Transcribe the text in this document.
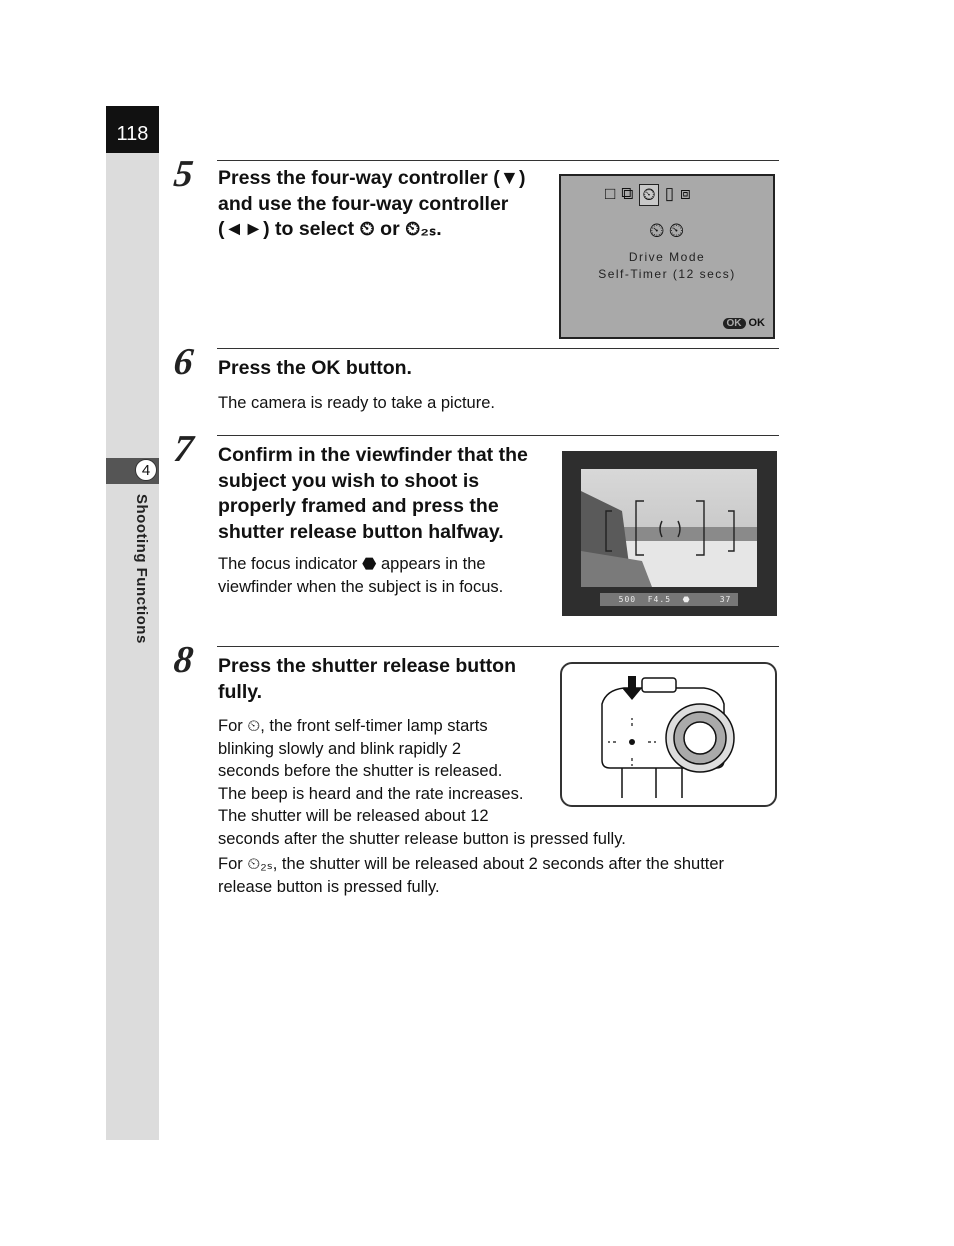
118
4
Shooting Functions
5 Press the four-way controller (▼)
and use the four-way controller
(◄►) to select ⏲ or ⏲₂ₛ.
□ ⧉ ⏲ ▯ ⧈
⏲ ⏲
Drive Mode
Self-Timer (12 secs)
OK OK
6 Press the OK button.
The camera is ready to take a picture.
7 Confirm in the viewfinder that the
subject you wish to shoot is
properly framed and press the
shutter release button halfway.
The focus indicator ⬣ appears in the
viewfinder when the subject is in focus.
500  F4.5  ⬣     37
8 Press the shutter release button
fully.
For ⏲, the front self-timer lamp starts
blinking slowly and blink rapidly 2
seconds before the shutter is released.
The beep is heard and the rate increases.
The shutter will be released about 12
seconds after the shutter release button is pressed fully.
For ⏲₂ₛ, the shutter will be released about 2 seconds after the shutter
release button is pressed fully.
